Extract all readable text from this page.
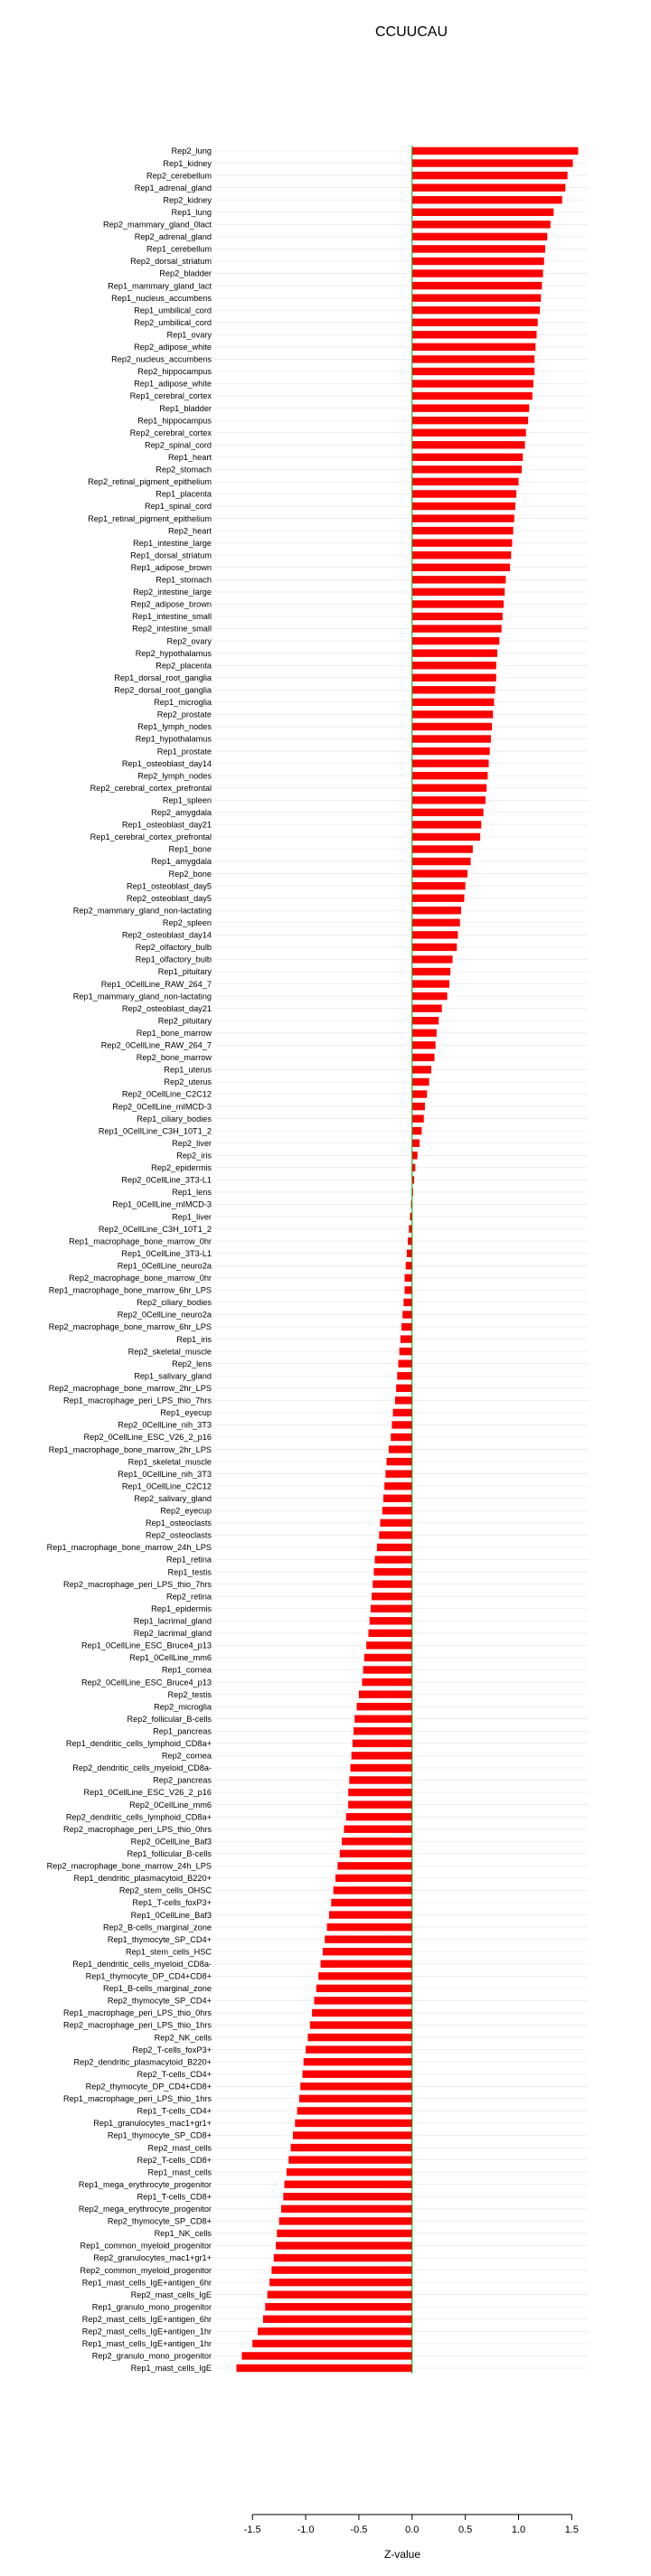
CCUUCAU
Rep2_lung
Rep1_kidney
Rep2_cerebellum
Rep1_adrenal_gland
Rep2_kidney
Rep1_lung
Rep2_mammary_gland_0lact
Rep2_adrenal_gland
Rep1_cerebellum
Rep2_dorsal_striatum
Rep2_bladder
Rep1_mammary_gland_lact
Rep1_nucleus_accumbens
Rep1_umbilical_cord
Rep2_umbilical_cord
Rep1_ovary
Rep2_adipose_white
Rep2_nucleus_accumbens
Rep2_hippocampus
Rep1_adipose_white
Rep1_cerebral_cortex
Rep1_bladder
Rep1_hippocampus
Rep2_cerebral_cortex
Rep2_spinal_cord
Rep1_heart
Rep2_stomach
Rep2_retinal_pigment_epithelium
Rep1_placenta
Rep1_spinal_cord
Rep1_retinal_pigment_epithelium
Rep2_heart
Rep1_intestine_large
Rep1_dorsal_striatum
Rep1_adipose_brown
Rep1_stomach
Rep2_intestine_large
Rep2_adipose_brown
Rep1_intestine_small
Rep2_intestine_small
Rep2_ovary
Rep2_hypothalamus
Rep2_placenta
Rep1_dorsal_root_ganglia
Rep2_dorsal_root_ganglia
Rep1_microglia
Rep2_prostate
Rep1_lymph_nodes
Rep1_hypothalamus
Rep1_prostate
Rep1_osteoblast_day14
Rep2_lymph_nodes
Rep2_cerebral_cortex_prefrontal
Rep1_spleen
Rep2_amygdala
Rep1_osteoblast_day21
Rep1_cerebral_cortex_prefrontal
Rep1_bone
Rep1_amygdala
Rep2_bone
Rep1_osteoblast_day5
Rep2_osteoblast_day5
Rep2_mammary_gland_non-lactating
Rep2_spleen
Rep2_osteoblast_day14
Rep2_olfactory_bulb
Rep1_olfactory_bulb
Rep1_pituitary
Rep1_0CellLine_RAW_264_7
Rep1_mammary_gland_non-lactating
Rep2_osteoblast_day21
Rep2_pituitary
Rep1_bone_marrow
Rep2_0CellLine_RAW_264_7
Rep2_bone_marrow
Rep1_uterus
Rep2_uterus
Rep2_0CellLine_C2C12
Rep2_0CellLine_mIMCD-3
Rep1_ciliary_bodies
Rep1_0CellLine_C3H_10T1_2
Rep2_liver
Rep2_iris
Rep2_epidermis
Rep2_0CellLine_3T3-L1
Rep1_lens
Rep1_0CellLine_mIMCD-3
Rep1_liver
Rep2_0CellLine_C3H_10T1_2
Rep1_macrophage_bone_marrow_0hr
Rep1_0CellLine_3T3-L1
Rep1_0CellLine_neuro2a
Rep2_macrophage_bone_marrow_0hr
Rep1_macrophage_bone_marrow_6hr_LPS
Rep2_ciliary_bodies
Rep2_0CellLine_neuro2a
Rep2_macrophage_bone_marrow_6hr_LPS
Rep1_iris
Rep2_skeletal_muscle
Rep2_lens
Rep1_salivary_gland
Rep2_macrophage_bone_marrow_2hr_LPS
Rep1_macrophage_peri_LPS_thio_7hrs
Rep1_eyecup
Rep2_0CellLine_nih_3T3
Rep2_0CellLine_ESC_V26_2_p16
Rep1_macrophage_bone_marrow_2hr_LPS
Rep1_skeletal_muscle
Rep1_0CellLine_nih_3T3
Rep1_0CellLine_C2C12
Rep2_salivary_gland
Rep2_eyecup
Rep1_osteoclasts
Rep2_osteoclasts
Rep1_macrophage_bone_marrow_24h_LPS
Rep1_retina
Rep1_testis
Rep2_macrophage_peri_LPS_thio_7hrs
Rep2_retina
Rep1_epidermis
Rep1_lacrimal_gland
Rep2_lacrimal_gland
Rep1_0CellLine_ESC_Bruce4_p13
Rep1_0CellLine_mm6
Rep1_cornea
Rep2_0CellLine_ESC_Bruce4_p13
Rep2_testis
Rep2_microglia
Rep2_follicular_B-cells
Rep1_pancreas
Rep1_dendritic_cells_lymphoid_CD8a+
Rep2_cornea
Rep2_dendritic_cells_myeloid_CD8a-
Rep2_pancreas
Rep1_0CellLine_ESC_V26_2_p16
Rep2_0CellLine_mm6
Rep2_dendritic_cells_lymphoid_CD8a+
Rep2_macrophage_peri_LPS_thio_0hrs
Rep2_0CellLine_Baf3
Rep1_follicular_B-cells
Rep2_macrophage_bone_marrow_24h_LPS
Rep1_dendritic_plasmacytoid_B220+
Rep2_stem_cells_OHSC
Rep1_T-cells_foxP3+
Rep1_0CellLine_Baf3
Rep2_B-cells_marginal_zone
Rep1_thymocyte_SP_CD4+
Rep1_stem_cells_HSC
Rep1_dendritic_cells_myeloid_CD8a-
Rep1_thymocyte_DP_CD4+CD8+
Rep1_B-cells_marginal_zone
Rep2_thymocyte_SP_CD4+
Rep1_macrophage_peri_LPS_thio_0hrs
Rep2_macrophage_peri_LPS_thio_1hrs
Rep2_NK_cells
Rep2_T-cells_foxP3+
Rep2_dendritic_plasmacytoid_B220+
Rep2_T-cells_CD4+
Rep2_thymocyte_DP_CD4+CD8+
Rep1_macrophage_peri_LPS_thio_1hrs
Rep1_T-cells_CD4+
Rep1_granulocytes_mac1+gr1+
Rep1_thymocyte_SP_CD8+
Rep2_mast_cells
Rep2_T-cells_CD8+
Rep1_mast_cells
Rep1_mega_erythrocyte_progenitor
Rep1_T-cells_CD8+
Rep2_mega_erythrocyte_progenitor
Rep2_thymocyte_SP_CD8+
Rep1_NK_cells
Rep1_common_myeloid_progenitor
Rep2_granulocytes_mac1+gr1+
Rep2_common_myeloid_progenitor
Rep1_mast_cells_IgE+antigen_6hr
Rep2_mast_cells_IgE
Rep1_granulo_mono_progenitor
Rep2_mast_cells_IgE+antigen_6hr
Rep2_mast_cells_IgE+antigen_1hr
Rep1_mast_cells_IgE+antigen_1hr
Rep2_granulo_mono_progenitor
Rep1_mast_cells_IgE
-1.5	-1.0	-0.5	0.0	0.5	1.0	1.5
Z-value
